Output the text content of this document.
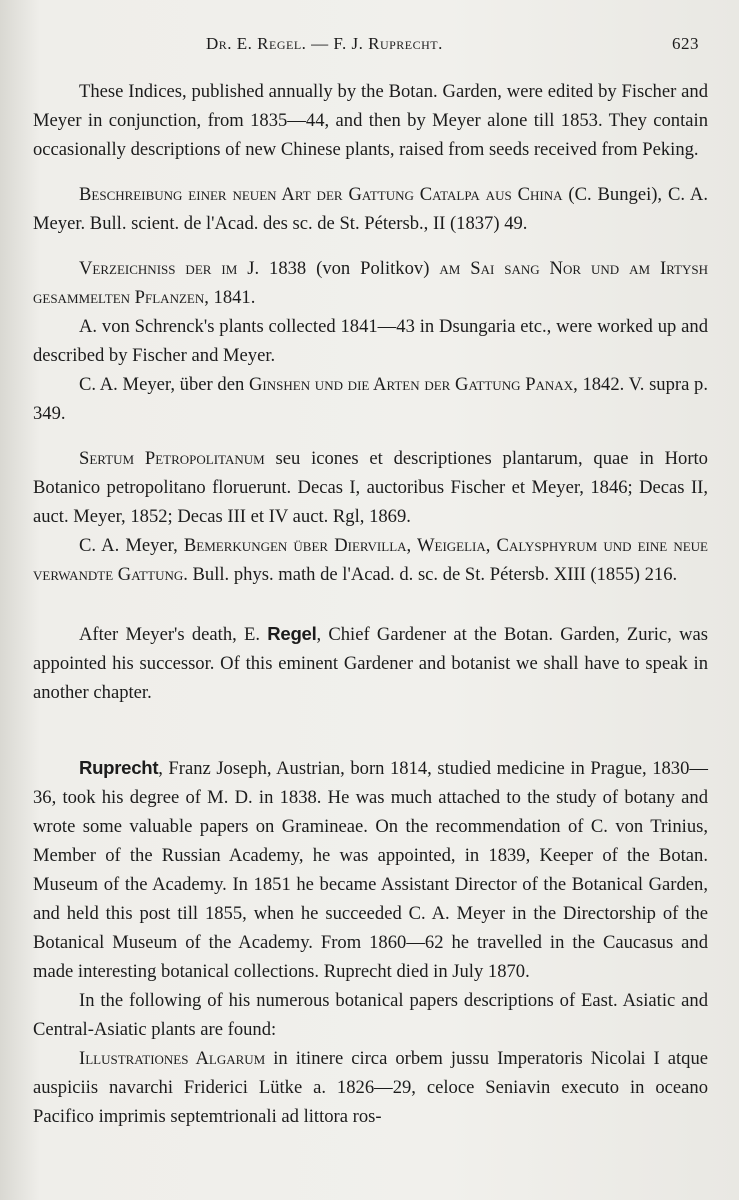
Dr. E. Regel. — F. J. Ruprecht.	623

These Indices, published annually by the Botan. Garden, were edited by Fischer and Meyer in conjunction, from 1835—44, and then by Meyer alone till 1853. They contain occasionally descriptions of new Chinese plants, raised from seeds received from Peking.

Beschreibung einer neuen Art der Gattung Catalpa aus China (C. Bungei), C. A. Meyer. Bull. scient. de l'Acad. des sc. de St. Pétersb., II (1837) 49.

Verzeichniss der im J. 1838 (von Politkov) am Sai sang Nor und am Irtysh gesammelten Pflanzen, 1841.

A. von Schrenck's plants collected 1841—43 in Dsungaria etc., were worked up and described by Fischer and Meyer.

C. A. Meyer, über den Ginshen und die Arten der Gattung Panax, 1842. V. supra p. 349.

Sertum Petropolitanum seu icones et descriptiones plantarum, quae in Horto Botanico petropolitano floruerunt. Decas I, auctoribus Fischer et Meyer, 1846; Decas II, auct. Meyer, 1852; Decas III et IV auct. Rgl, 1869.

C. A. Meyer, Bemerkungen über Diervilla, Weigelia, Calysphyrum und eine neue verwandte Gattung. Bull. phys. math de l'Acad. d. sc. de St. Pétersb. XIII (1855) 216.

After Meyer's death, E. Regel, Chief Gardener at the Botan. Garden, Zuric, was appointed his successor. Of this eminent Gardener and botanist we shall have to speak in another chapter.

Ruprecht, Franz Joseph, Austrian, born 1814, studied medicine in Prague, 1830—36, took his degree of M. D. in 1838. He was much attached to the study of botany and wrote some valuable papers on Gramineae. On the recommendation of C. von Trinius, Member of the Russian Academy, he was appointed, in 1839, Keeper of the Botan. Museum of the Academy. In 1851 he became Assistant Director of the Botanical Garden, and held this post till 1855, when he succeeded C. A. Meyer in the Directorship of the Botanical Museum of the Academy. From 1860—62 he travelled in the Caucasus and made interesting botanical collections. Ruprecht died in July 1870.

In the following of his numerous botanical papers descriptions of East. Asiatic and Central-Asiatic plants are found:

Illustrationes Algarum in itinere circa orbem jussu Imperatoris Nicolai I atque auspiciis navarchi Friderici Lütke a. 1826—29, celoce Seniavin executo in oceano Pacifico imprimis septemtrionali ad littora ros-
